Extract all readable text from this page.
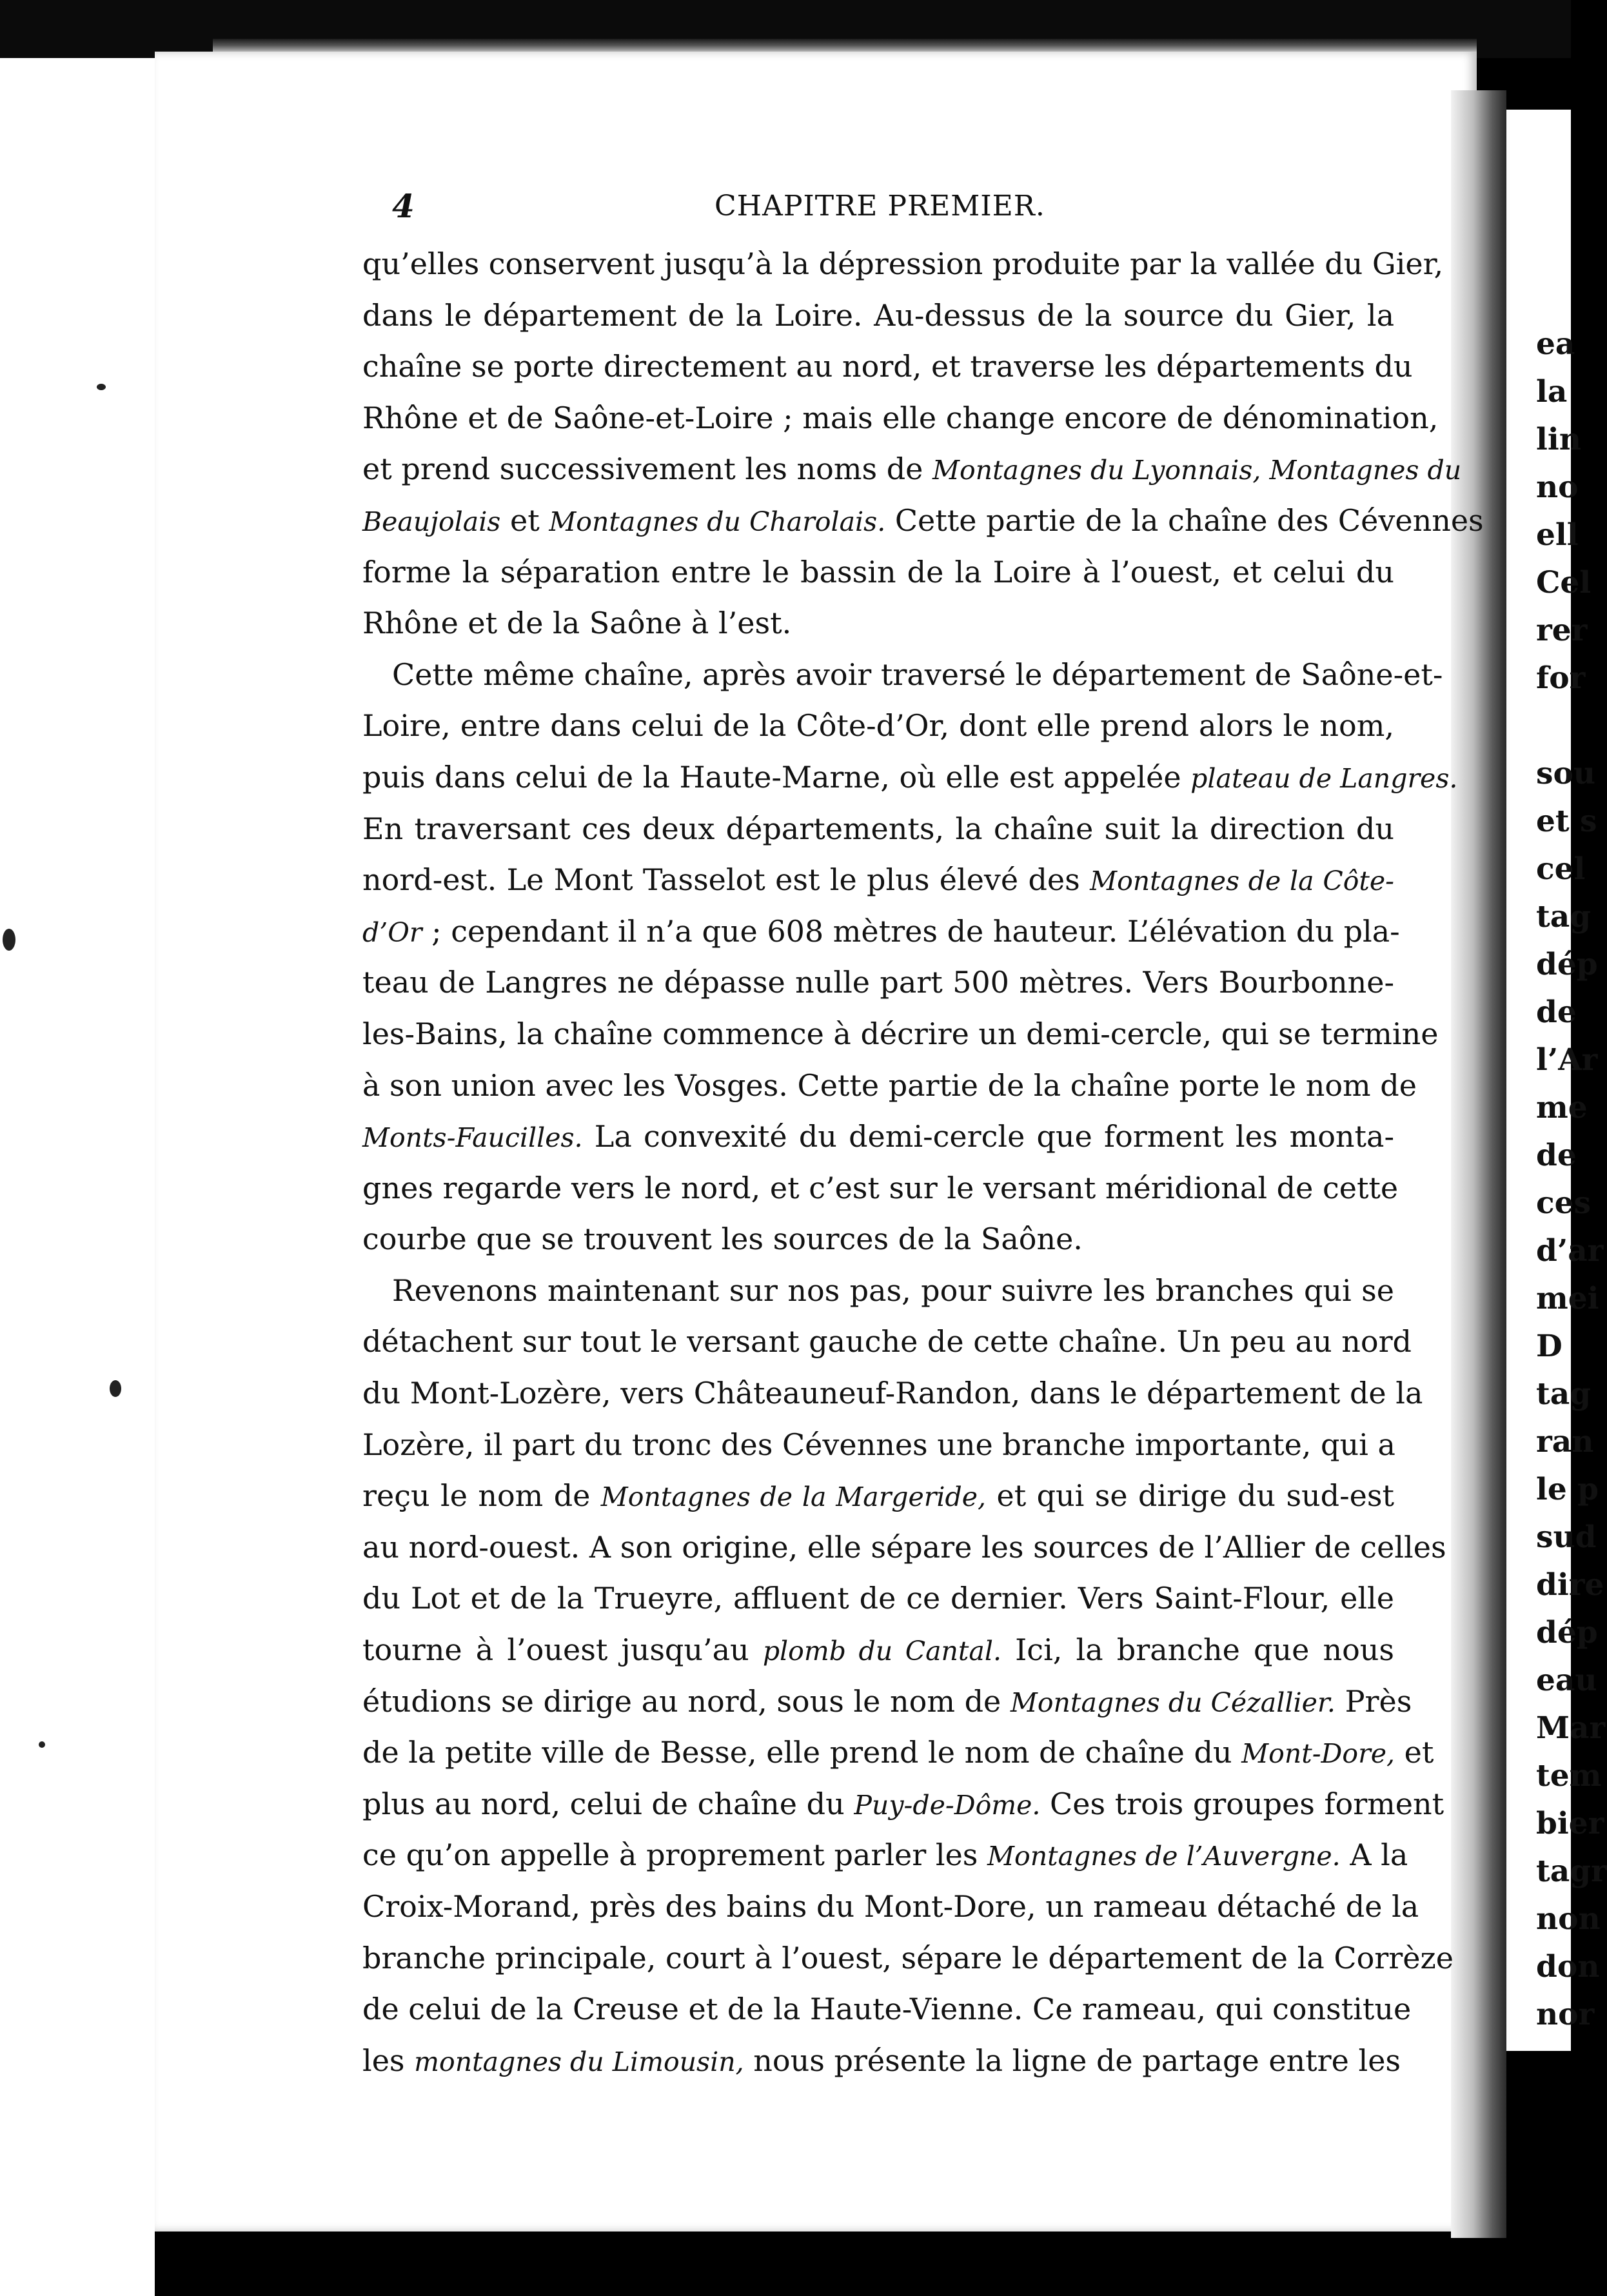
ea
la
lin
no
ell
Cel
rer
for
sou
et s
cel
tag
dép
de
l’Ar
me
de
ces
d’ar
mei
D
tag
ran
le p
sud
dire
dép
eau
Mar
tem
bier
tagr
non
don
nor
4	CHAPITRE PREMIER.
qu’elles conservent jusqu’à la dépression produite par la vallée du Gier,
dans le département de la Loire. Au-dessus de la source du Gier, la
chaîne se porte directement au nord, et traverse les départements du
Rhône et de Saône-et-Loire ; mais elle change encore de dénomination,
et prend successivement les noms de Montagnes du Lyonnais, Montagnes du
Beaujolais et Montagnes du Charolais. Cette partie de la chaîne des Cévennes
forme la séparation entre le bassin de la Loire à l’ouest, et celui du
Rhône et de la Saône à l’est.
Cette même chaîne, après avoir traversé le département de Saône-et-
Loire, entre dans celui de la Côte-d’Or, dont elle prend alors le nom,
puis dans celui de la Haute-Marne, où elle est appelée plateau de Langres.
En traversant ces deux départements, la chaîne suit la direction du
nord-est. Le Mont Tasselot est le plus élevé des Montagnes de la Côte-
d’Or ; cependant il n’a que 608 mètres de hauteur. L’élévation du pla-
teau de Langres ne dépasse nulle part 500 mètres. Vers Bourbonne-
les-Bains, la chaîne commence à décrire un demi-cercle, qui se termine
à son union avec les Vosges. Cette partie de la chaîne porte le nom de
Monts-Faucilles. La convexité du demi-cercle que forment les monta-
gnes regarde vers le nord, et c’est sur le versant méridional de cette
courbe que se trouvent les sources de la Saône.
Revenons maintenant sur nos pas, pour suivre les branches qui se
détachent sur tout le versant gauche de cette chaîne. Un peu au nord
du Mont-Lozère, vers Châteauneuf-Randon, dans le département de la
Lozère, il part du tronc des Cévennes une branche importante, qui a
reçu le nom de Montagnes de la Margeride, et qui se dirige du sud-est
au nord-ouest. A son origine, elle sépare les sources de l’Allier de celles
du Lot et de la Trueyre, affluent de ce dernier. Vers Saint-Flour, elle
tourne à l’ouest jusqu’au plomb du Cantal. Ici, la branche que nous
étudions se dirige au nord, sous le nom de Montagnes du Cézallier. Près
de la petite ville de Besse, elle prend le nom de chaîne du Mont-Dore, et
plus au nord, celui de chaîne du Puy-de-Dôme. Ces trois groupes forment
ce qu’on appelle à proprement parler les Montagnes de l’Auvergne. A la
Croix-Morand, près des bains du Mont-Dore, un rameau détaché de la
branche principale, court à l’ouest, sépare le département de la Corrèze
de celui de la Creuse et de la Haute-Vienne. Ce rameau, qui constitue
les montagnes du Limousin, nous présente la ligne de partage entre les
